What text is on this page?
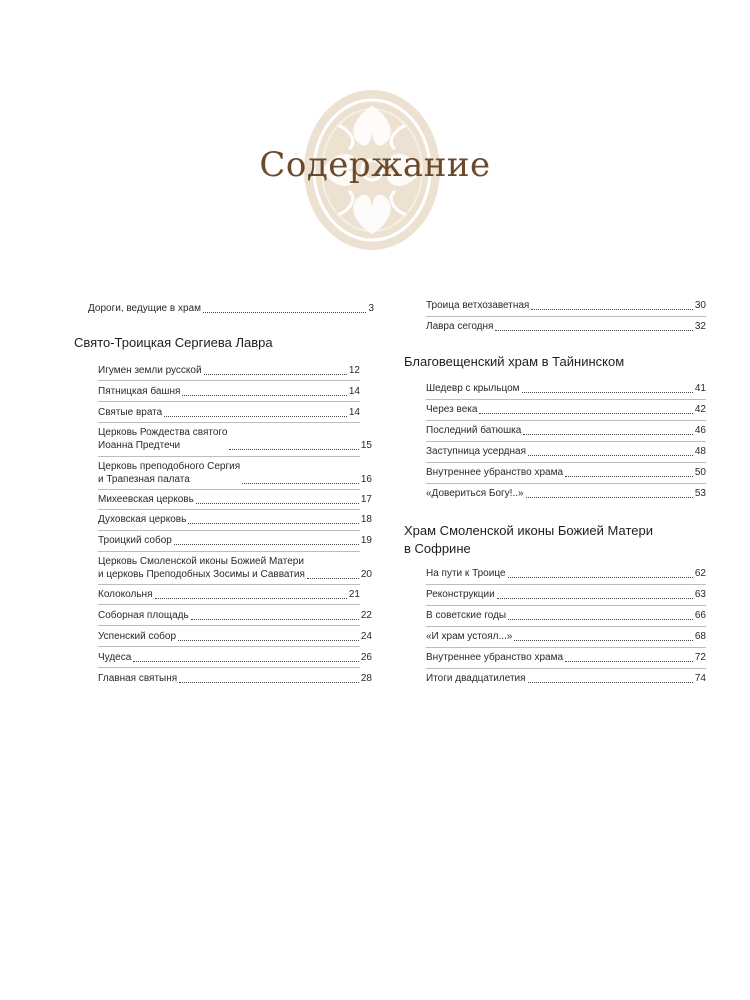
Содержание
Дороги, ведущие в храм	3
Свято-Троицкая Сергиева Лавра
Игумен земли русской	12
Пятницкая башня	14
Святые врата	14
Церковь Рождества святого
Иоанна Предтечи	15
Церковь преподобного Сергия
и Трапезная палата	16
Михеевская церковь	17
Духовская церковь	18
Троицкий собор	19
Церковь Смоленской иконы Божией Матери
и церковь Преподобных Зосимы и Савватия	20
Колокольня	21
Соборная площадь	22
Успенский собор	24
Чудеса	26
Главная святыня	28
Троица ветхозаветная	30
Лавра сегодня	32
Благовещенский храм в Тайнинском
Шедевр с крыльцом	41
Через века	42
Последний батюшка	46
Заступница усердная	48
Внутреннее убранство храма	50
«Довериться Богу!..»	53
Храм Смоленской иконы Божией Матери
в Софрине
На пути к Троице	62
Реконструкции	63
В советские годы	66
«И храм устоял...»	68
Внутреннее убранство храма	72
Итоги двадцатилетия	74
